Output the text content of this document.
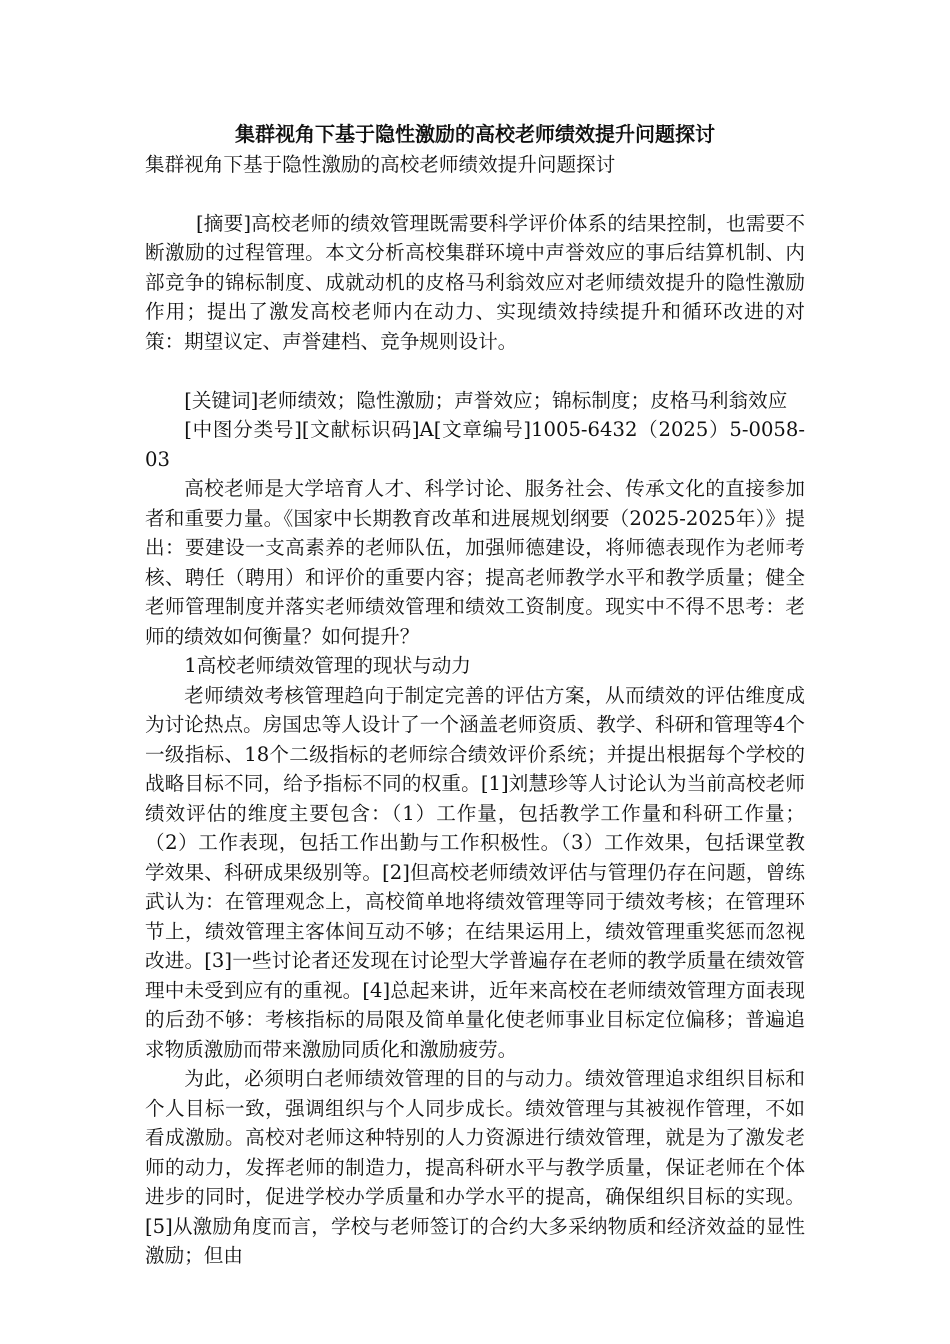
集群视角下基于隐性激励的高校老师绩效提升问题探讨

集群视角下基于隐性激励的高校老师绩效提升问题探讨

[摘要]高校老师的绩效管理既需要科学评价体系的结果控制，也需要不断激励的过程管理。本文分析高校集群环境中声誉效应的事后结算机制、内部竞争的锦标制度、成就动机的皮格马利翁效应对老师绩效提升的隐性激励作用；提出了激发高校老师内在动力、实现绩效持续提升和循环改进的对策：期望议定、声誉建档、竞争规则设计。

[关键词]老师绩效；隐性激励；声誉效应；锦标制度；皮格马利翁效应

[中图分类号][文献标识码]A[文章编号]1005-6432（2025）5-0058-03

高校老师是大学培育人才、科学讨论、服务社会、传承文化的直接参加者和重要力量。《国家中长期教育改革和进展规划纲要（2025-2025年）》提出：要建设一支高素养的老师队伍，加强师德建设，将师德表现作为老师考核、聘任（聘用）和评价的重要内容；提高老师教学水平和教学质量；健全老师管理制度并落实老师绩效管理和绩效工资制度。现实中不得不思考：老师的绩效如何衡量？如何提升？

1高校老师绩效管理的现状与动力

老师绩效考核管理趋向于制定完善的评估方案，从而绩效的评估维度成为讨论热点。房国忠等人设计了一个涵盖老师资质、教学、科研和管理等4个一级指标、18个二级指标的老师综合绩效评价系统；并提出根据每个学校的战略目标不同，给予指标不同的权重。[1]刘慧珍等人讨论认为当前高校老师绩效评估的维度主要包含：（1）工作量，包括教学工作量和科研工作量；（2）工作表现，包括工作出勤与工作积极性。（3）工作效果，包括课堂教学效果、科研成果级别等。[2]但高校老师绩效评估与管理仍存在问题，曾练武认为：在管理观念上，高校简单地将绩效管理等同于绩效考核；在管理环节上，绩效管理主客体间互动不够；在结果运用上，绩效管理重奖惩而忽视改进。[3]一些讨论者还发现在讨论型大学普遍存在老师的教学质量在绩效管理中未受到应有的重视。[4]总起来讲，近年来高校在老师绩效管理方面表现的后劲不够：考核指标的局限及简单量化使老师事业目标定位偏移；普遍追求物质激励而带来激励同质化和激励疲劳。

为此，必须明白老师绩效管理的目的与动力。绩效管理追求组织目标和个人目标一致，强调组织与个人同步成长。绩效管理与其被视作管理，不如看成激励。高校对老师这种特别的人力资源进行绩效管理，就是为了激发老师的动力，发挥老师的制造力，提高科研水平与教学质量，保证老师在个体进步的同时，促进学校办学质量和办学水平的提高，确保组织目标的实现。[5]从激励角度而言，学校与老师签订的合约大多采纳物质和经济效益的显性激励；但由
